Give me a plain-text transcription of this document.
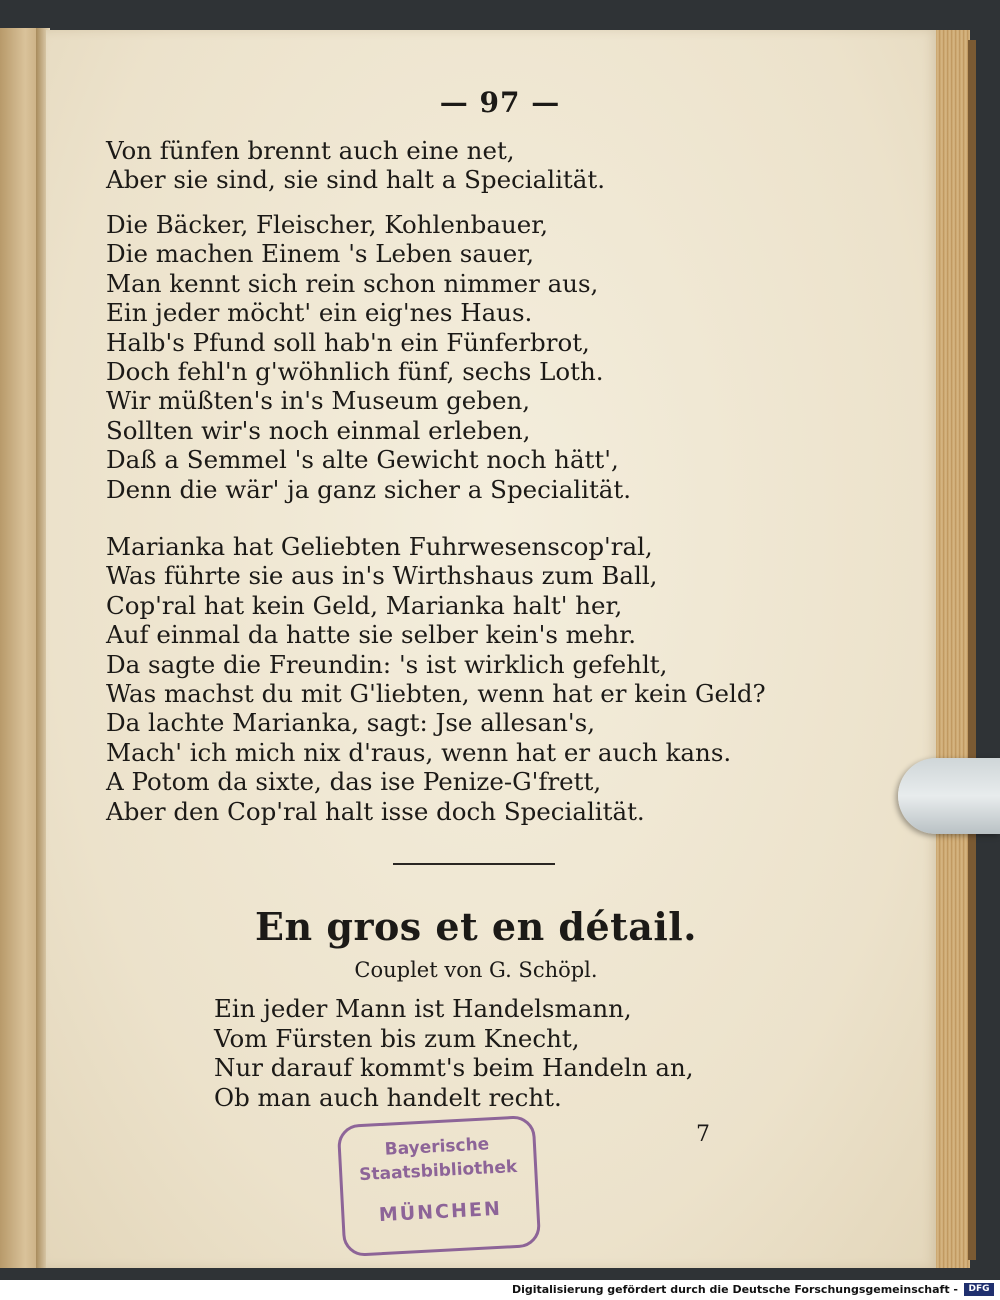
— 97 —
Von fünfen brennt auch eine net,
Aber sie sind, sie sind halt a Specialität.
Die Bäcker, Fleischer, Kohlenbauer,
Die machen Einem 's Leben sauer,
Man kennt sich rein schon nimmer aus,
Ein jeder möcht' ein eig'nes Haus.
Halb's Pfund soll hab'n ein Fünferbrot,
Doch fehl'n g'wöhnlich fünf, sechs Loth.
Wir müßten's in's Museum geben,
Sollten wir's noch einmal erleben,
Daß a Semmel 's alte Gewicht noch hätt',
Denn die wär' ja ganz sicher a Specialität.
Marianka hat Geliebten Fuhrwesenscop'ral,
Was führte sie aus in's Wirthshaus zum Ball,
Cop'ral hat kein Geld, Marianka halt' her,
Auf einmal da hatte sie selber kein's mehr.
Da sagte die Freundin: 's ist wirklich gefehlt,
Was machst du mit G'liebten, wenn hat er kein Geld?
Da lachte Marianka, sagt: Jse allesan's,
Mach' ich mich nix d'raus, wenn hat er auch kans.
A Potom da sixte, das ise Penize-G'frett,
Aber den Cop'ral halt isse doch Specialität.
En gros et en détail.
Couplet von G. Schöpl.
Ein jeder Mann ist Handelsmann,
Vom Fürsten bis zum Knecht,
Nur darauf kommt's beim Handeln an,
Ob man auch handelt recht.
7
Bayerische
Staatsbibliothek
MÜNCHEN
Digitalisierung gefördert durch die Deutsche Forschungsgemeinschaft -	DFG
